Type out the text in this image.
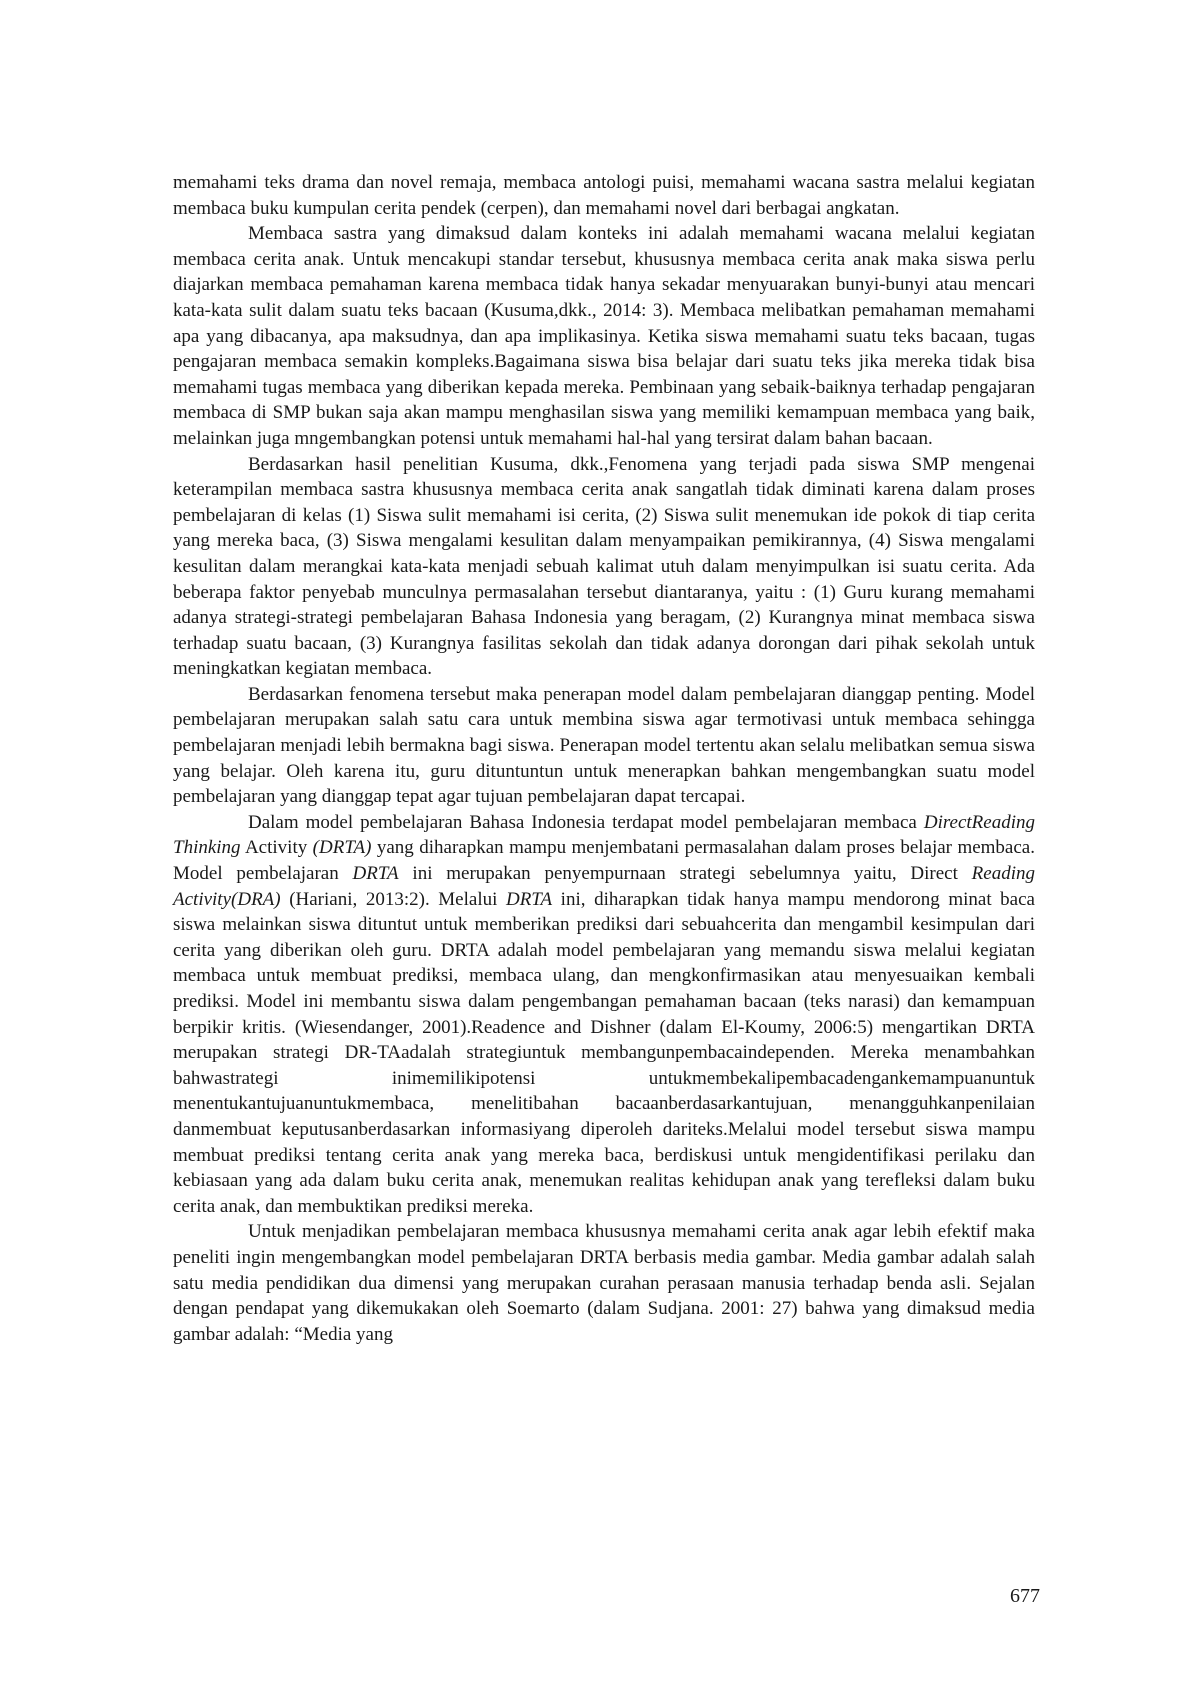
memahami teks drama dan novel remaja, membaca antologi puisi, memahami wacana sastra melalui kegiatan membaca buku kumpulan cerita pendek (cerpen), dan memahami novel dari berbagai angkatan.

Membaca sastra yang dimaksud dalam konteks ini adalah memahami wacana melalui kegiatan membaca cerita anak. Untuk mencakupi standar tersebut, khususnya membaca cerita anak maka siswa perlu diajarkan membaca pemahaman karena membaca tidak hanya sekadar menyuarakan bunyi-bunyi atau mencari kata-kata sulit dalam suatu teks bacaan (Kusuma,dkk., 2014: 3). Membaca melibatkan pemahaman memahami apa yang dibacanya, apa maksudnya, dan apa implikasinya. Ketika siswa memahami suatu teks bacaan, tugas pengajaran membaca semakin kompleks.Bagaimana siswa bisa belajar dari suatu teks jika mereka tidak bisa memahami tugas membaca yang diberikan kepada mereka. Pembinaan yang sebaik-baiknya terhadap pengajaran membaca di SMP bukan saja akan mampu menghasilan siswa yang memiliki kemampuan membaca yang baik, melainkan juga mngembangkan potensi untuk memahami hal-hal yang tersirat dalam bahan bacaan.

Berdasarkan hasil penelitian Kusuma, dkk.,Fenomena yang terjadi pada siswa SMP mengenai keterampilan membaca sastra khususnya membaca cerita anak sangatlah tidak diminati karena dalam proses pembelajaran di kelas (1) Siswa sulit memahami isi cerita, (2) Siswa sulit menemukan ide pokok di tiap cerita yang mereka baca, (3) Siswa mengalami kesulitan dalam menyampaikan pemikirannya, (4) Siswa mengalami kesulitan dalam merangkai kata-kata menjadi sebuah kalimat utuh dalam menyimpulkan isi suatu cerita. Ada beberapa faktor penyebab munculnya permasalahan tersebut diantaranya, yaitu : (1) Guru kurang memahami adanya strategi-strategi pembelajaran Bahasa Indonesia yang beragam, (2) Kurangnya minat membaca siswa terhadap suatu bacaan, (3) Kurangnya fasilitas sekolah dan tidak adanya dorongan dari pihak sekolah untuk meningkatkan kegiatan membaca.

Berdasarkan fenomena tersebut maka penerapan model dalam pembelajaran dianggap penting. Model pembelajaran merupakan salah satu cara untuk membina siswa agar termotivasi untuk membaca sehingga pembelajaran menjadi lebih bermakna bagi siswa. Penerapan model tertentu akan selalu melibatkan semua siswa yang belajar. Oleh karena itu, guru dituntuntun untuk menerapkan bahkan mengembangkan suatu model pembelajaran yang dianggap tepat agar tujuan pembelajaran dapat tercapai.

Dalam model pembelajaran Bahasa Indonesia terdapat model pembelajaran membaca DirectReading Thinking Activity (DRTA) yang diharapkan mampu menjembatani permasalahan dalam proses belajar membaca. Model pembelajaran DRTA ini merupakan penyempurnaan strategi sebelumnya yaitu, Direct Reading Activity(DRA) (Hariani, 2013:2). Melalui DRTA ini, diharapkan tidak hanya mampu mendorong minat baca siswa melainkan siswa dituntut untuk memberikan prediksi dari sebuahcerita dan mengambil kesimpulan dari cerita yang diberikan oleh guru. DRTA adalah model pembelajaran yang memandu siswa melalui kegiatan membaca untuk membuat prediksi, membaca ulang, dan mengkonfirmasikan atau menyesuaikan kembali prediksi. Model ini membantu siswa dalam pengembangan pemahaman bacaan (teks narasi) dan kemampuan berpikir kritis. (Wiesendanger, 2001).Readence and Dishner (dalam El-Koumy, 2006:5) mengartikan DRTA merupakan strategi DR-TAadalah strategiuntuk membangunpembacaindependen. Mereka menambahkan bahwastrategi inimemilikipotensi untukmembekalipembacadengankemampuanuntuk menentukantujuanuntukmembaca, menelitibahan bacaanberdasarkantujuan, menangguhkanpenilaian danmembuat keputusanberdasarkan informasiyang diperoleh dariteks.Melalui model tersebut siswa mampu membuat prediksi tentang cerita anak yang mereka baca, berdiskusi untuk mengidentifikasi perilaku dan kebiasaan yang ada dalam buku cerita anak, menemukan realitas kehidupan anak yang terefleksi dalam buku cerita anak, dan membuktikan prediksi mereka.

Untuk menjadikan pembelajaran membaca khususnya memahami cerita anak agar lebih efektif maka peneliti ingin mengembangkan model pembelajaran DRTA berbasis media gambar. Media gambar adalah salah satu media pendidikan dua dimensi yang merupakan curahan perasaan manusia terhadap benda asli. Sejalan dengan pendapat yang dikemukakan oleh Soemarto (dalam Sudjana. 2001: 27) bahwa yang dimaksud media gambar adalah: “Media yang

677
